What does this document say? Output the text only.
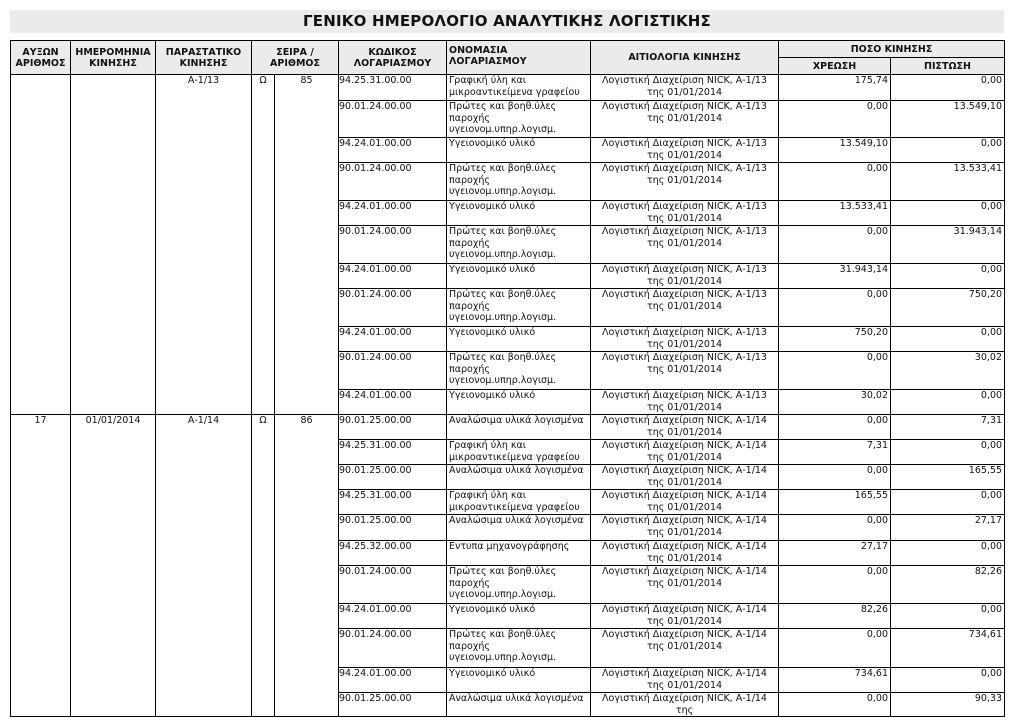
ΓΕΝΙΚΟ ΗΜΕΡΟΛΟΓΙΟ ΑΝΑΛΥΤΙΚΗΣ ΛΟΓΙΣΤΙΚΗΣ
ΑΥΞΩΝ ΑΡΙΘΜΟΣ	ΗΜΕΡΟΜΗΝΙΑ ΚΙΝΗΣΗΣ	ΠΑΡΑΣΤΑΤΙΚΟ ΚΙΝΗΣΗΣ	ΣΕΙΡΑ / ΑΡΙΘΜΟΣ		ΚΩΔΙΚΟΣ ΛΟΓΑΡΙΑΣΜΟΥ	ΟΝΟΜΑΣΙΑ ΛΟΓΑΡΙΑΣΜΟΥ	ΑΙΤΙΟΛΟΓΙΑ ΚΙΝΗΣΗΣ	ΠΟΣΟ ΚΙΝΗΣΗΣ	
								ΧΡΕΩΣΗ	ΠΙΣΤΩΣΗ
		Α-1/13	Ω	85	94.25.31.00.00	Γραφική ύλη και μικροαντικείμενα γραφείου	Λογιστική Διαχείριση NICK, Α-1/13 της 01/01/2014	175,74	0,00
					90.01.24.00.00	Πρώτες και βοηθ.ύλες παροχής υγειονομ.υπηρ.λογισμ.	Λογιστική Διαχείριση NICK, Α-1/13 της 01/01/2014	0,00	13.549,10
					94.24.01.00.00	Υγειονομικό υλικό	Λογιστική Διαχείριση NICK, Α-1/13 της 01/01/2014	13.549,10	0,00
					90.01.24.00.00	Πρώτες και βοηθ.ύλες παροχής υγειονομ.υπηρ.λογισμ.	Λογιστική Διαχείριση NICK, Α-1/13 της 01/01/2014	0,00	13.533,41
					94.24.01.00.00	Υγειονομικό υλικό	Λογιστική Διαχείριση NICK, Α-1/13 της 01/01/2014	13.533,41	0,00
					90.01.24.00.00	Πρώτες και βοηθ.ύλες παροχής υγειονομ.υπηρ.λογισμ.	Λογιστική Διαχείριση NICK, Α-1/13 της 01/01/2014	0,00	31.943,14
					94.24.01.00.00	Υγειονομικό υλικό	Λογιστική Διαχείριση NICK, Α-1/13 της 01/01/2014	31.943,14	0,00
					90.01.24.00.00	Πρώτες και βοηθ.ύλες παροχής υγειονομ.υπηρ.λογισμ.	Λογιστική Διαχείριση NICK, Α-1/13 της 01/01/2014	0,00	750,20
					94.24.01.00.00	Υγειονομικό υλικό	Λογιστική Διαχείριση NICK, Α-1/13 της 01/01/2014	750,20	0,00
					90.01.24.00.00	Πρώτες και βοηθ.ύλες παροχής υγειονομ.υπηρ.λογισμ.	Λογιστική Διαχείριση NICK, Α-1/13 της 01/01/2014	0,00	30,02
					94.24.01.00.00	Υγειονομικό υλικό	Λογιστική Διαχείριση NICK, Α-1/13 της 01/01/2014	30,02	0,00
17	01/01/2014	Α-1/14	Ω	86	90.01.25.00.00	Αναλώσιμα υλικά λογισμένα	Λογιστική Διαχείριση NICK, Α-1/14 της 01/01/2014	0,00	7,31
					94.25.31.00.00	Γραφική ύλη και μικροαντικείμενα γραφείου	Λογιστική Διαχείριση NICK, Α-1/14 της 01/01/2014	7,31	0,00
					90.01.25.00.00	Αναλώσιμα υλικά λογισμένα	Λογιστική Διαχείριση NICK, Α-1/14 της 01/01/2014	0,00	165,55
					94.25.31.00.00	Γραφική ύλη και μικροαντικείμενα γραφείου	Λογιστική Διαχείριση NICK, Α-1/14 της 01/01/2014	165,55	0,00
					90.01.25.00.00	Αναλώσιμα υλικά λογισμένα	Λογιστική Διαχείριση NICK, Α-1/14 της 01/01/2014	0,00	27,17
					94.25.32.00.00	Εντυπα μηχανογράφησης	Λογιστική Διαχείριση NICK, Α-1/14 της 01/01/2014	27,17	0,00
					90.01.24.00.00	Πρώτες και βοηθ.ύλες παροχής υγειονομ.υπηρ.λογισμ.	Λογιστική Διαχείριση NICK, Α-1/14 της 01/01/2014	0,00	82,26
					94.24.01.00.00	Υγειονομικό υλικό	Λογιστική Διαχείριση NICK, Α-1/14 της 01/01/2014	82,26	0,00
					90.01.24.00.00	Πρώτες και βοηθ.ύλες παροχής υγειονομ.υπηρ.λογισμ.	Λογιστική Διαχείριση NICK, Α-1/14 της 01/01/2014	0,00	734,61
					94.24.01.00.00	Υγειονομικό υλικό	Λογιστική Διαχείριση NICK, Α-1/14 της 01/01/2014	734,61	0,00
					90.01.25.00.00	Αναλώσιμα υλικά λογισμένα	Λογιστική Διαχείριση NICK, Α-1/14 της	0,00	90,33
